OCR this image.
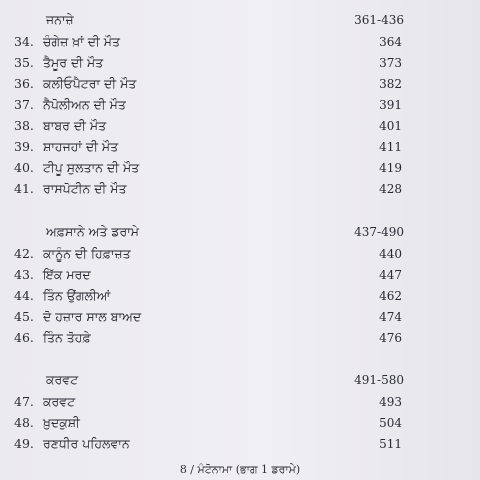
ਜਨਾਜ਼ੇ	361-436
34. ਚੰਗੇਜ਼ ਖ਼ਾਂ ਦੀ ਮੌਤ	364
35. ਤੈਮੂਰ ਦੀ ਮੌਤ	373
36. ਕਲੀਓਪੈਟਰਾ ਦੀ ਮੌਤ	382
37. ਨੈਪੋਲੀਅਨ ਦੀ ਮੌਤ	391
38. ਬਾਬਰ ਦੀ ਮੌਤ	401
39. ਸ਼ਾਹਜਹਾਂ ਦੀ ਮੌਤ	411
40. ਟੀਪੂ ਸੁਲਤਾਨ ਦੀ ਮੌਤ	419
41. ਰਾਸਪੋਟੀਨ ਦੀ ਮੌਤ	428
ਅਫ਼ਸਾਨੇ ਅਤੇ ਡਰਾਮੇ	437-490
42. ਕਾਨੂੰਨ ਦੀ ਹਿਫ਼ਾਜ਼ਤ	440
43. ਇੱਕ ਮਰਦ	447
44. ਤਿੰਨ ਉਂਗਲੀਆਂ	462
45. ਦੋ ਹਜ਼ਾਰ ਸਾਲ ਬਾਅਦ	474
46. ਤਿੰਨ ਤੋਹਫ਼ੇ	476
ਕਰਵਟ	491-580
47. ਕਰਵਟ	493
48. ਖ਼ੁਦਕੁਸ਼ੀ	504
49. ਰਣਧੀਰ ਪਹਿਲਵਾਨ	511
8 / ਮੰਟੋਨਾਮਾ (ਭਾਗ 1 ਡਰਾਮੇ)
